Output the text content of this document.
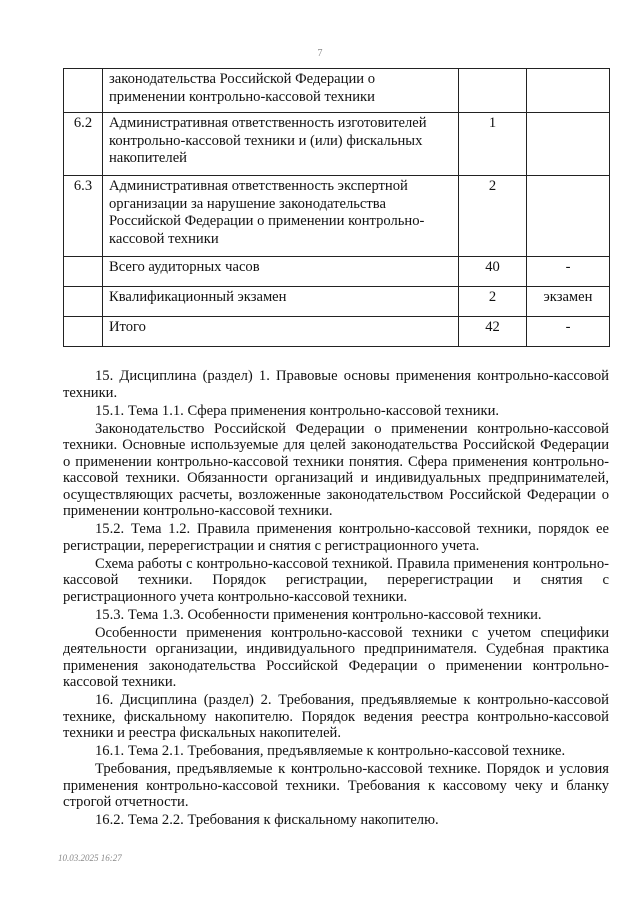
7
	законодательства Российской Федерации о применении контрольно-кассовой техники		
6.2	Административная ответственность изготовителей контрольно-кассовой техники и (или) фискальных накопителей	1	
6.3	Административная ответственность экспертной организации за нарушение законодательства Российской Федерации о применении контрольно-кассовой техники	2	
	Всего аудиторных часов	40	-
	Квалификационный экзамен	2	экзамен
	Итого	42	-

15. Дисциплина (раздел) 1. Правовые основы применения контрольно-кассовой техники.

15.1. Тема 1.1. Сфера применения контрольно-кассовой техники.

Законодательство Российской Федерации о применении контрольно-кассовой техники. Основные используемые для целей законодательства Российской Федерации о применении контрольно-кассовой техники понятия. Сфера применения контрольно-кассовой техники. Обязанности организаций и индивидуальных предпринимателей, осуществляющих расчеты, возложенные законодательством Российской Федерации о применении контрольно-кассовой техники.

15.2. Тема 1.2. Правила применения контрольно-кассовой техники, порядок ее регистрации, перерегистрации и снятия с регистрационного учета.

Схема работы с контрольно-кассовой техникой. Правила применения контрольно-кассовой техники. Порядок регистрации, перерегистрации и снятия с регистрационного учета контрольно-кассовой техники.

15.3. Тема 1.3. Особенности применения контрольно-кассовой техники.

Особенности применения контрольно-кассовой техники с учетом специфики деятельности организации, индивидуального предпринимателя. Судебная практика применения законодательства Российской Федерации о применении контрольно-кассовой техники.

16. Дисциплина (раздел) 2. Требования, предъявляемые к контрольно-кассовой технике, фискальному накопителю. Порядок ведения реестра контрольно-кассовой техники и реестра фискальных накопителей.

16.1. Тема 2.1. Требования, предъявляемые к контрольно-кассовой технике.

Требования, предъявляемые к контрольно-кассовой технике. Порядок и условия применения контрольно-кассовой техники. Требования к кассовому чеку и бланку строгой отчетности.

16.2. Тема 2.2. Требования к фискальному накопителю.

10.03.2025 16:27
